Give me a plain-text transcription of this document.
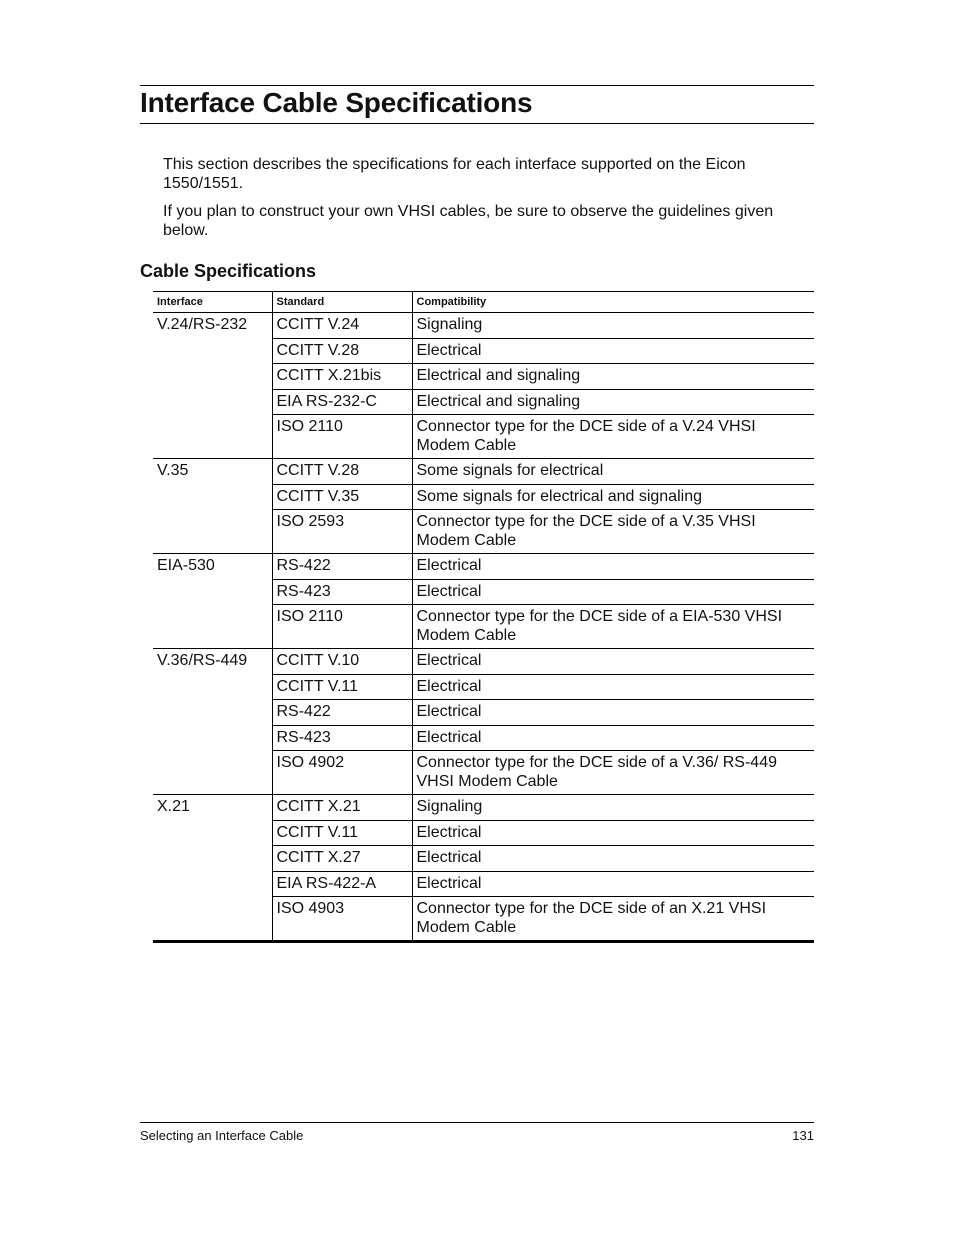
Interface Cable Specifications

This section describes the specifications for each interface supported on the Eicon 1550/1551.

If you plan to construct your own VHSI cables, be sure to observe the guidelines given below.

Cable Specifications
Interface	Standard	Compatibility
V.24/RS-232	CCITT V.24	Signaling
	CCITT V.28	Electrical
	CCITT X.21bis	Electrical and signaling
	EIA RS-232-C	Electrical and signaling
	ISO 2110	Connector type for the DCE side of a V.24 VHSI Modem Cable
V.35	CCITT V.28	Some signals for electrical
	CCITT V.35	Some signals for electrical and signaling
	ISO 2593	Connector type for the DCE side of a V.35 VHSI Modem Cable
EIA-530	RS-422	Electrical
	RS-423	Electrical
	ISO 2110	Connector type for the DCE side of a EIA-530 VHSI Modem Cable
V.36/RS-449	CCITT V.10	Electrical
	CCITT V.11	Electrical
	RS-422	Electrical
	RS-423	Electrical
	ISO 4902	Connector type for the DCE side of a V.36/ RS-449 VHSI Modem Cable
X.21	CCITT X.21	Signaling
	CCITT V.11	Electrical
	CCITT X.27	Electrical
	EIA RS-422-A	Electrical
	ISO 4903	Connector type for the DCE side of an X.21 VHSI Modem Cable
Selecting an Interface Cable	131
